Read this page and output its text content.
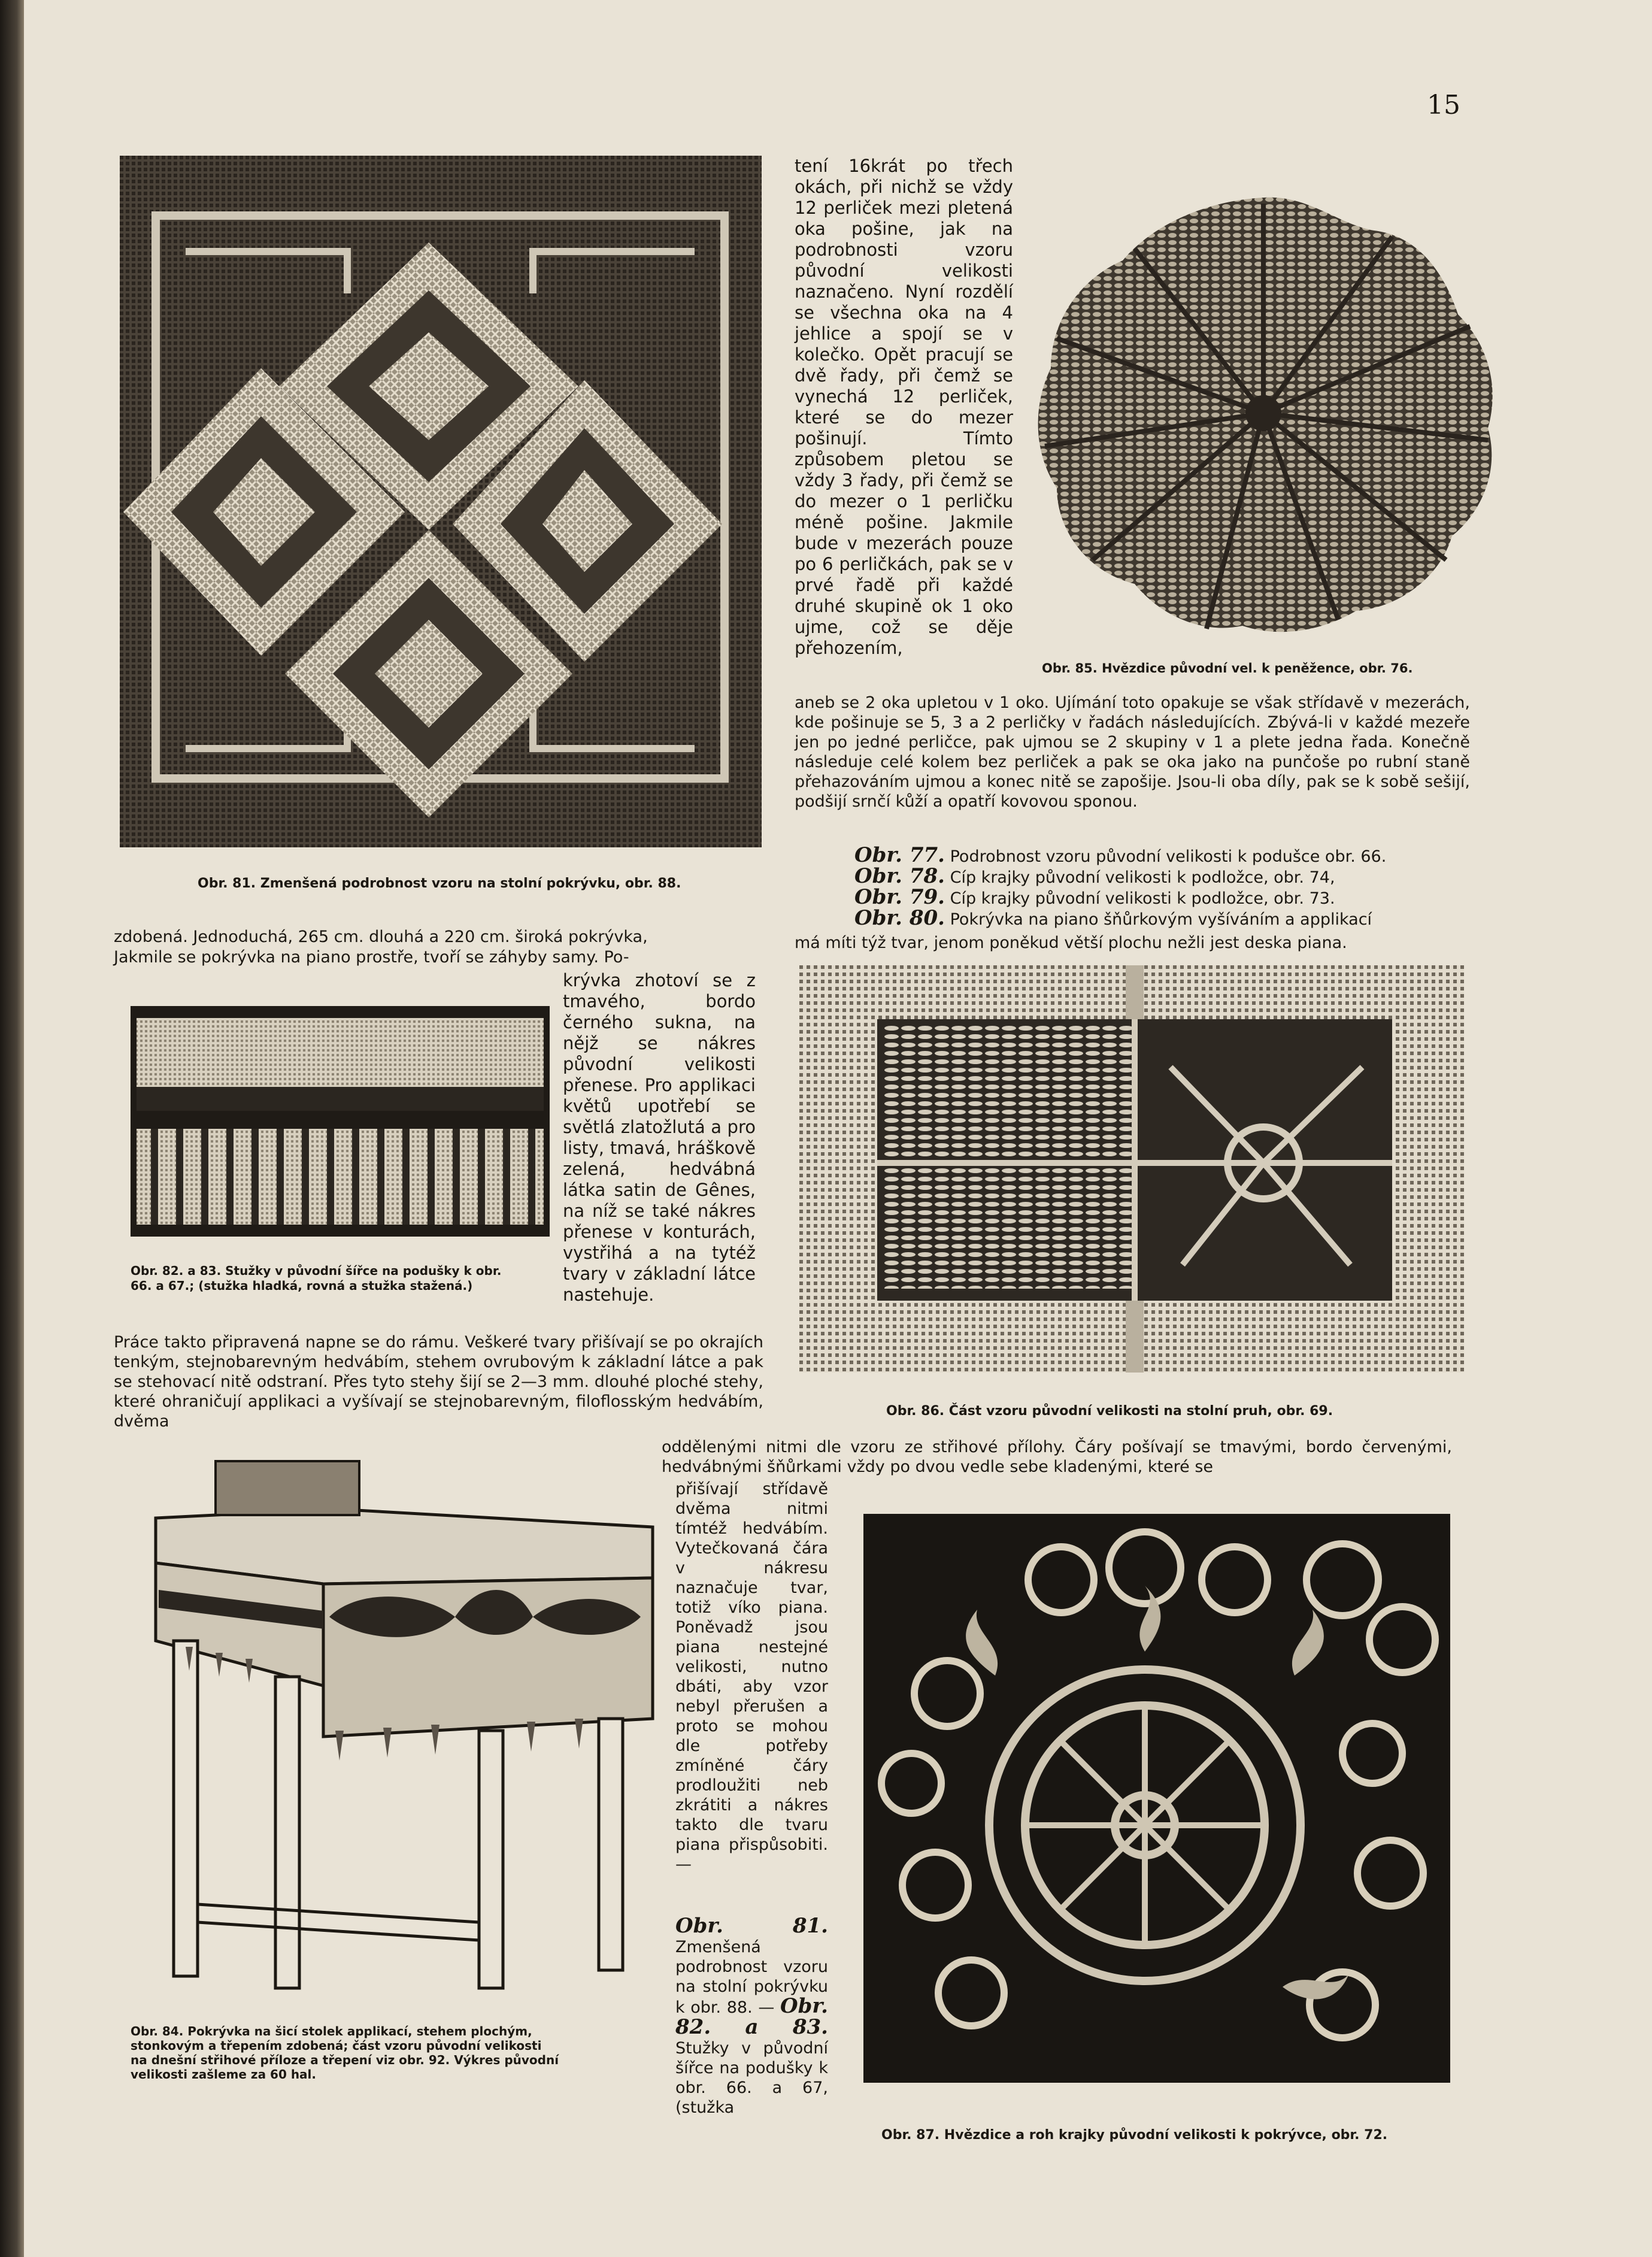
15
Obr. 81. Zmenšená podrobnost vzoru na stolní pokrývku, obr. 88.
tení 16krát po třech okách, při nichž se vždy 12 perliček mezi pletená oka pošine, jak na podrobnosti vzoru původní velikosti naznačeno. Nyní rozdělí se všechna oka na 4 jehlice a spojí se v kolečko. Opět pracují se dvě řady, při čemž se vynechá 12 perliček, které se do mezer pošinují. Tímto způsobem pletou se vždy 3 řady, při čemž se do mezer o 1 perličku méně pošine. Jakmile bude v mezerách pouze po 6 perličkách, pak se v prvé řadě při každé druhé skupině ok 1 oko ujme, což se děje přehozením,
Obr. 85. Hvězdice původní vel. k peněžence, obr. 76.
aneb se 2 oka upletou v 1 oko. Ujímání toto opakuje se však střídavě v mezerách, kde pošinuje se 5, 3 a 2 perličky v řadách následujících. Zbývá-li v každé mezeře jen po jedné perličce, pak ujmou se 2 skupiny v 1 a plete jedna řada. Konečně následuje celé kolem bez perliček a pak se oka jako na punčoše po rubní staně přehazováním ujmou a konec nitě se zapošije. Jsou-li oba díly, pak se k sobě sešijí, podšijí srnčí kůží a opatří kovovou sponou.
Obr. 77. Podrobnost vzoru původní velikosti k podušce obr. 66.
Obr. 78. Cíp krajky původní velikosti k podložce, obr. 74,
Obr. 79. Cíp krajky původní velikosti k podložce, obr. 73.
Obr. 80. Pokrývka na piano šňůrkovým vyšíváním a applikací
zdobená. Jednoduchá, 265 cm. dlouhá a 220 cm. široká pokrývka,	má míti týž tvar, jenom poněkud větší plochu nežli jest deska piana.
Jakmile se pokrývka na piano prostře, tvoří se záhyby samy. Po-
Obr. 82. a 83. Stužky v původní šířce na podušky k obr. 66. a 67.; (stužka hladká, rovná a stužka stažená.)
krývka zhotoví se z tmavého, bordo černého sukna, na nějž se nákres původní velikosti přenese. Pro applikaci květů upotřebí se světlá zlatožlutá a pro listy, tmavá, hráškově zelená, hedvábná látka satin de Gênes, na níž se také nákres přenese v konturách, vystřihá a na tytéž tvary v základní látce nastehuje.
Práce takto připravená napne se do rámu. Veškeré tvary přišívají se po okrajích tenkým, stejnobarevným hedvábím, stehem ovrubovým k základní látce a pak se stehovací nitě odstraní. Přes tyto stehy šijí se 2—3 mm. dlouhé ploché stehy, které ohraničují applikaci a vyšívají se stejnobarevným, filoflosským hedvábím, dvěma
Obr. 86. Část vzoru původní velikosti na stolní pruh, obr. 69.
Obr. 84. Pokrývka na šicí stolek applikací, stehem plochým, stonkovým a třepením zdobená; část vzoru původní velikosti na dnešní střihové příloze a třepení viz obr. 92. Výkres původní velikosti zašleme za 60 hal.
oddělenými nitmi dle vzoru ze střihové přílohy. Čáry pošívají se tmavými, bordo červenými, hedvábnými šňůrkami vždy po dvou vedle sebe kladenými, které se
přišívají střídavě dvěma nitmi tímtéž hedvábím. Vytečkovaná čára v nákresu naznačuje tvar, totiž víko piana. Poněvadž jsou piana nestejné velikosti, nutno dbáti, aby vzor nebyl přerušen a proto se mohou dle potřeby zmíněné čáry prodloužiti neb zkrátiti a nákres takto dle tvaru piana přispůsobiti. —
Obr. 81. Zmenšená podrobnost vzoru na stolní pokrývku k obr. 88. — Obr. 82. a 83. Stužky v původní šířce na podušky k obr. 66. a 67, (stužka
Obr. 87. Hvězdice a roh krajky původní velikosti k pokrývce, obr. 72.
